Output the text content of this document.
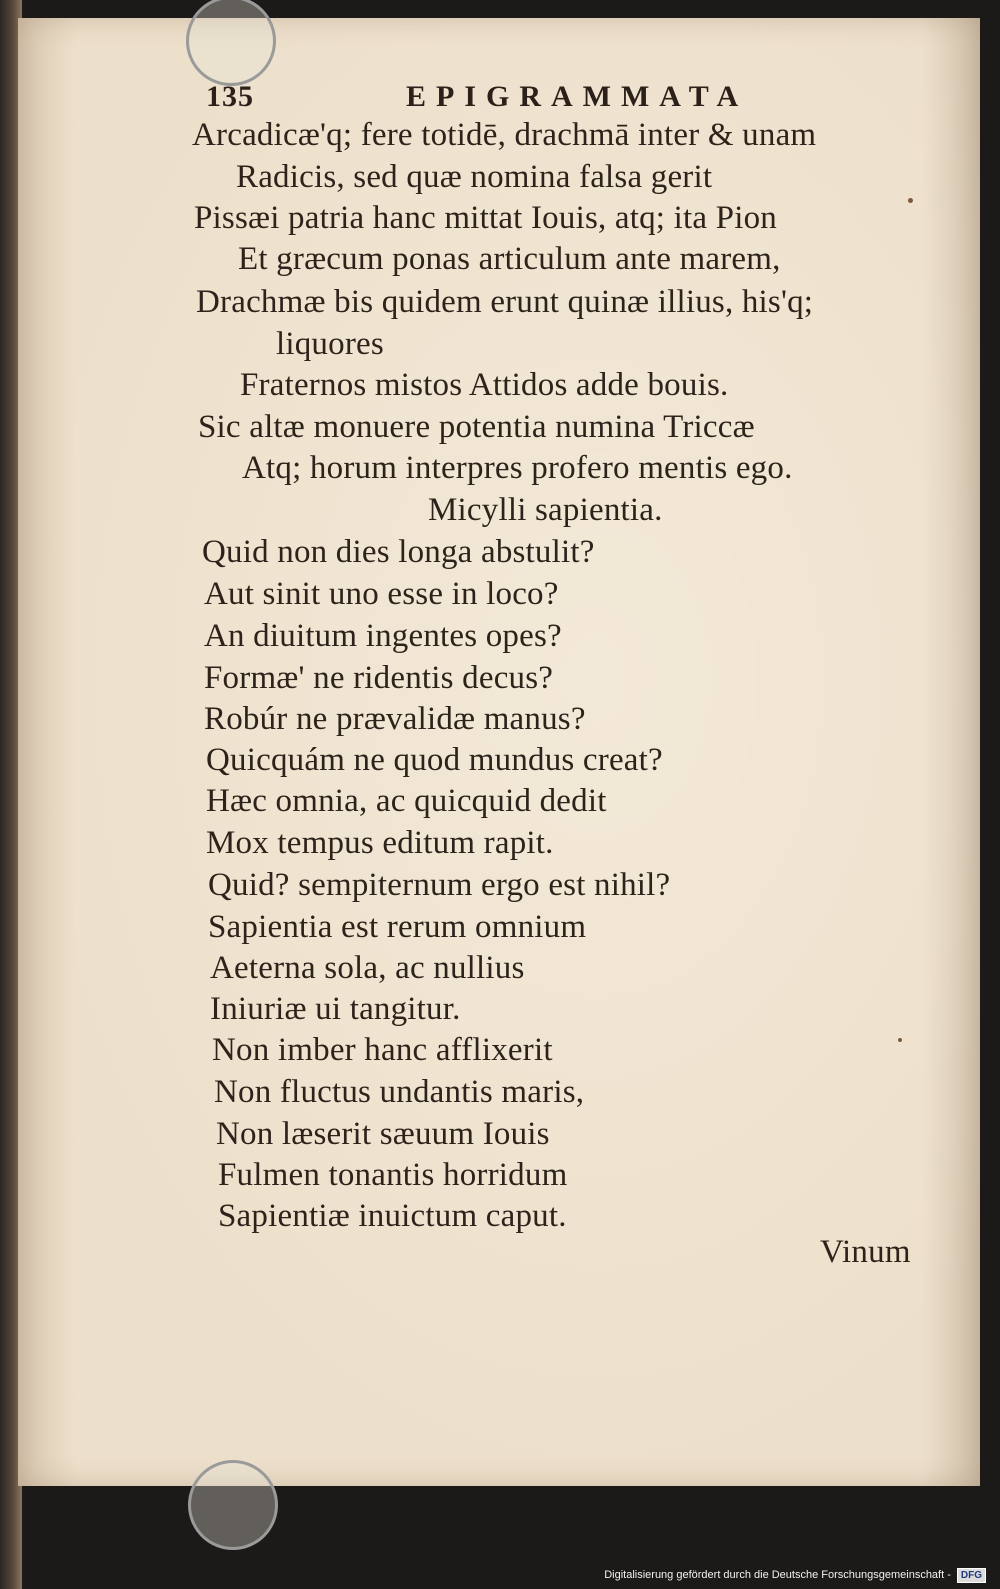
135	EPIGRAMMATA
Arcadicæ'q; fere totidē, drachmā inter & unam
Radicis, sed quæ nomina falsa gerit
Pissæi patria hanc mittat Iouis, atq; ita Pion
Et græcum ponas articulum ante marem,
Drachmæ bis quidem erunt quinæ illius, his'q;
liquores
Fraternos mistos Attidos adde bouis.
Sic altæ monuere potentia numina Triccæ
Atq; horum interpres profero mentis ego.
Micylli sapientia.
Quid non dies longa abstulit?
Aut sinit uno esse in loco?
An diuitum ingentes opes?
Formæ' ne ridentis decus?
Robúr ne prævalidæ manus?
Quicquám ne quod mundus creat?
Hæc omnia, ac quicquid dedit
Mox tempus editum rapit.
Quid? sempiternum ergo est nihil?
Sapientia est rerum omnium
Aeterna sola, ac nullius
Iniuriæ ui tangitur.
Non imber hanc afflixerit
Non fluctus undantis maris,
Non læserit sæuum Iouis
Fulmen tonantis horridum
Sapientiæ inuictum caput.
Vinum
Digitalisierung gefördert durch die Deutsche Forschungsgemeinschaft -	DFG
